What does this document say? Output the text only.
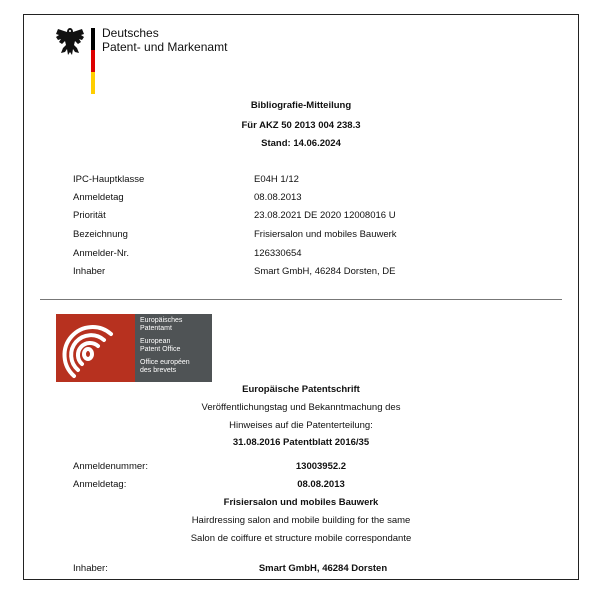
Deutsches
Patent- und Markenamt
Bibliografie-Mitteilung
Für AKZ 50 2013 004 238.3
Stand: 14.06.2024
IPC-Hauptklasse	E04H 1/12
Anmeldetag	08.08.2013
Priorität	23.08.2021 DE 2020 12008016 U
Bezeichnung	Frisiersalon und mobiles Bauwerk
Anmelder-Nr.	126330654
Inhaber	Smart GmbH, 46284 Dorsten, DE
Europäisches
Patentamt
European
Patent Office
Office européen
des brevets
Europäische Patentschrift
Veröffentlichungstag und Bekanntmachung des
Hinweises auf die Patenterteilung:
31.08.2016 Patentblatt 2016/35
Anmeldenummer:	13003952.2
Anmeldetag:	08.08.2013
Frisiersalon und mobiles Bauwerk
Hairdressing salon and mobile building for the same
Salon de coiffure et structure mobile correspondante
Inhaber:	Smart GmbH, 46284 Dorsten
